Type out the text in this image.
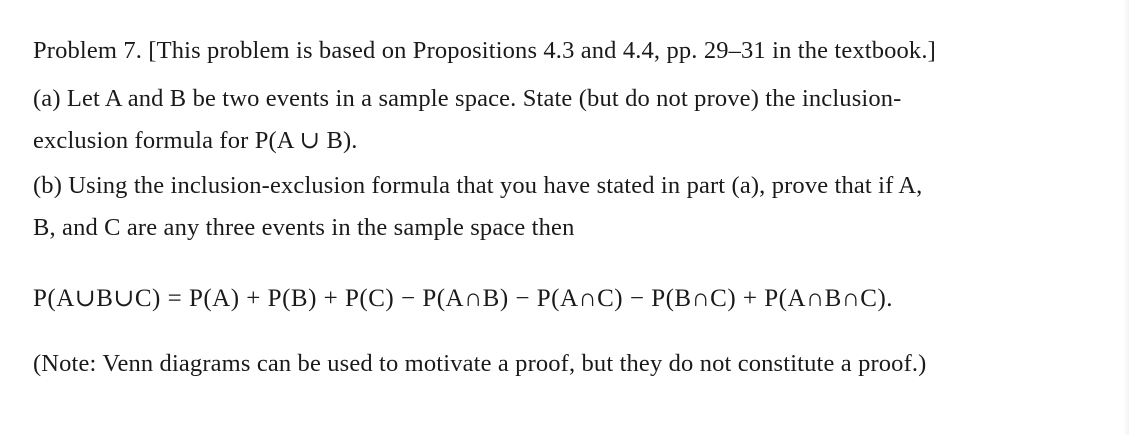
Problem 7. [This problem is based on Propositions 4.3 and 4.4, pp. 29–31 in the textbook.]
(a) Let A and B be two events in a sample space. State (but do not prove) the inclusion-
exclusion formula for P(A ∪ B).
(b) Using the inclusion-exclusion formula that you have stated in part (a), prove that if A,
B, and C are any three events in the sample space then
P(A∪B∪C) = P(A) + P(B) + P(C) − P(A∩B) − P(A∩C) − P(B∩C) + P(A∩B∩C).
(Note: Venn diagrams can be used to motivate a proof, but they do not constitute a proof.)
